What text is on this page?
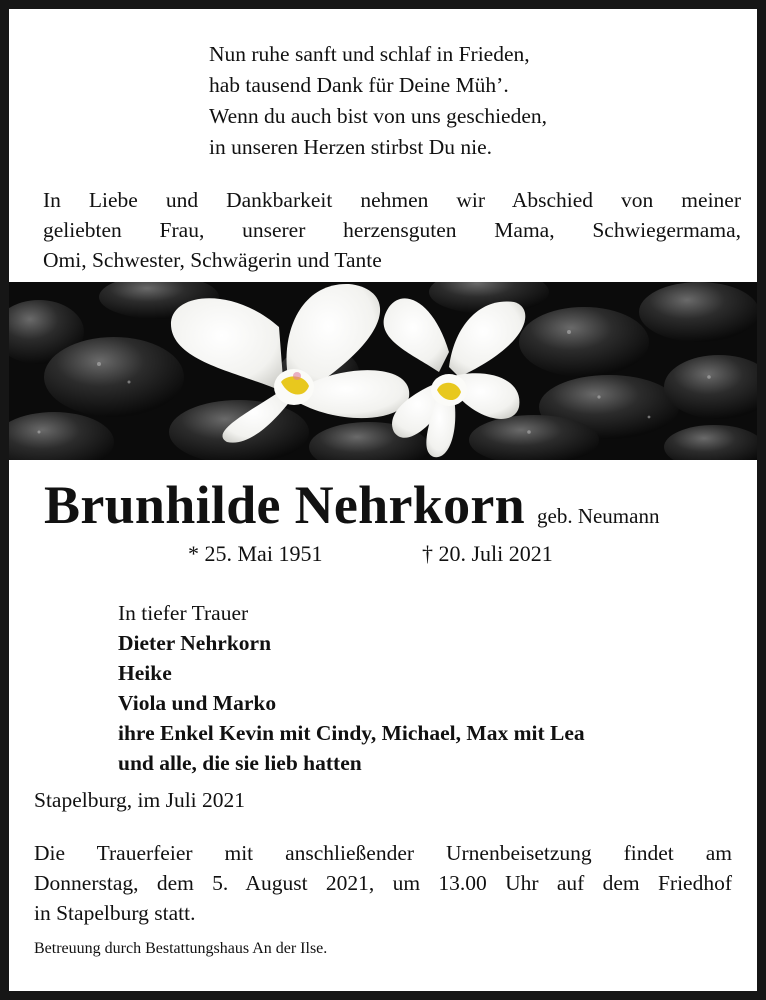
Nun ruhe sanft und schlaf in Frieden,
hab tausend Dank für Deine Müh’.
Wenn du auch bist von uns geschieden,
in unseren Herzen stirbst Du nie.
In Liebe und Dankbarkeit nehmen wir Abschied von meiner
geliebten Frau, unserer herzensguten Mama, Schwiegermama,
Omi, Schwester, Schwägerin und Tante
Brunhilde Nehrkorn geb. Neumann
* 25. Mai 1951	† 20. Juli 2021
In tiefer Trauer
Dieter Nehrkorn
Heike
Viola und Marko
ihre Enkel Kevin mit Cindy, Michael, Max mit Lea
und alle, die sie lieb hatten
Stapelburg, im Juli 2021
Die Trauerfeier mit anschließender Urnenbeisetzung findet am
Donnerstag, dem 5. August 2021, um 13.00 Uhr auf dem Friedhof
in Stapelburg statt.
Betreuung durch Bestattungshaus An der Ilse.
